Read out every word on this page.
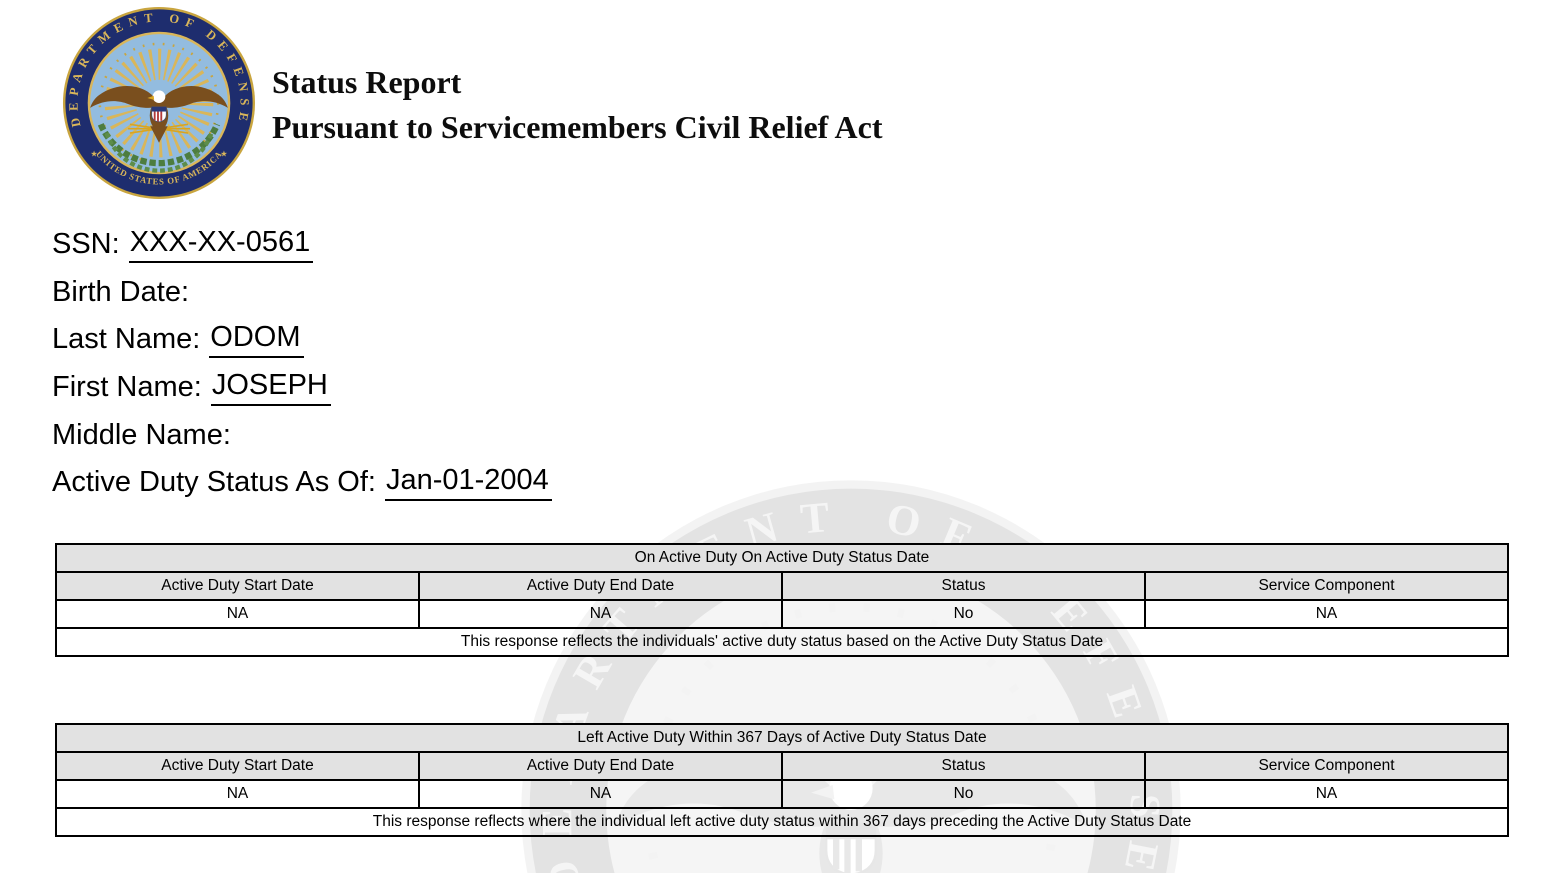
Status Report
Pursuant to Servicemembers Civil Relief Act
SSN: XXX-XX-0561
Birth Date:
Last Name: ODOM
First Name: JOSEPH
Middle Name:
Active Duty Status As Of: Jan-01-2004
On Active Duty On Active Duty Status Date			
Active Duty Start Date	Active Duty End Date	Status	Service Component
NA	NA	No	NA
This response reflects the individuals' active duty status based on the Active Duty Status Date			
Left Active Duty Within 367 Days of Active Duty Status Date			
Active Duty Start Date	Active Duty End Date	Status	Service Component
NA	NA	No	NA
This response reflects where the individual left active duty status within 367 days preceding the Active Duty Status Date			
